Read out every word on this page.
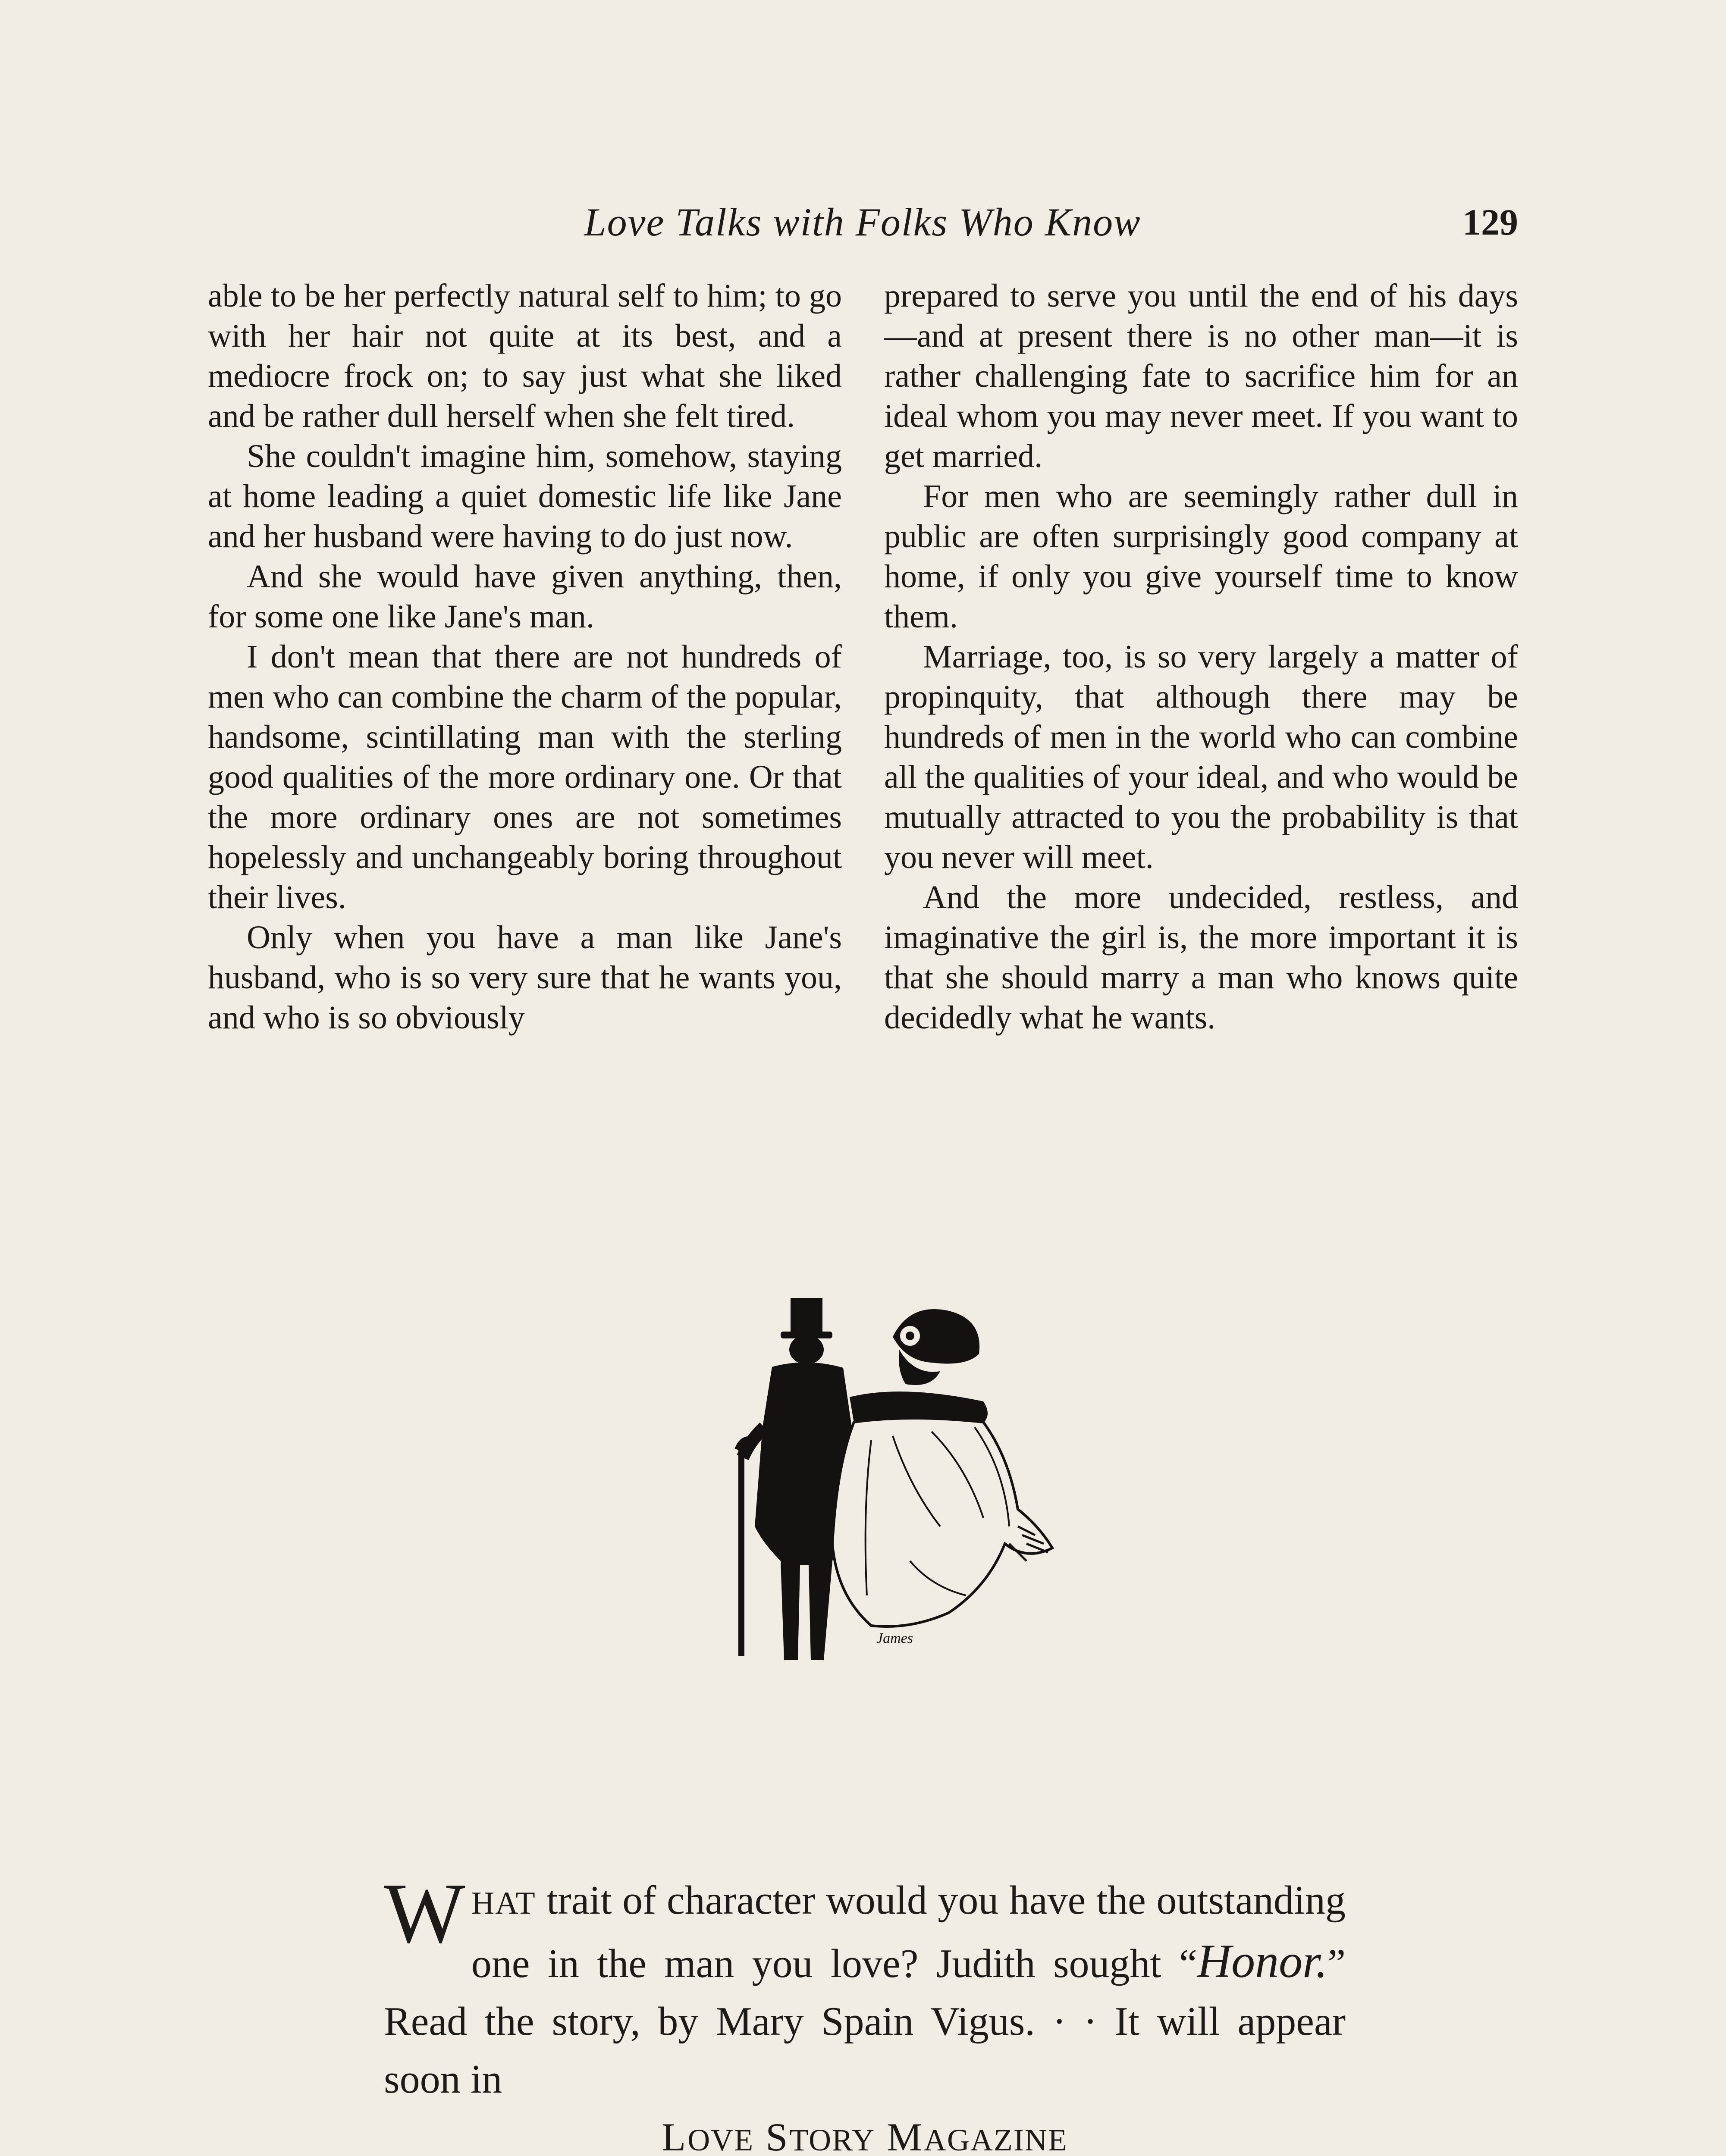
Love Talks with Folks Who Know	129

able to be her perfectly natural self to him; to go with her hair not quite at its best, and a mediocre frock on; to say just what she liked and be rather dull herself when she felt tired.

She couldn't imagine him, somehow, staying at home leading a quiet domestic life like Jane and her husband were having to do just now.

And she would have given anything, then, for some one like Jane's man.

I don't mean that there are not hundreds of men who can combine the charm of the popular, handsome, scintillating man with the sterling good qualities of the more ordinary one. Or that the more ordinary ones are not sometimes hopelessly and unchangeably boring throughout their lives.

Only when you have a man like Jane's husband, who is so very sure that he wants you, and who is so obviously

prepared to serve you until the end of his days—and at present there is no other man—it is rather challenging fate to sacrifice him for an ideal whom you may never meet. If you want to get married.

For men who are seemingly rather dull in public are often surprisingly good company at home, if only you give yourself time to know them.

Marriage, too, is so very largely a matter of propinquity, that although there may be hundreds of men in the world who can combine all the qualities of your ideal, and who would be mutually attracted to you the probability is that you never will meet.

And the more undecided, restless, and imaginative the girl is, the more important it is that she should marry a man who knows quite decidedly what he wants.

James
W HAT trait of character would you have the outstanding one in the man you love? Judith sought “Honor.” Read the story, by Mary Spain Vigus. · · It will appear soon in
LOVE STORY MAGAZINE
